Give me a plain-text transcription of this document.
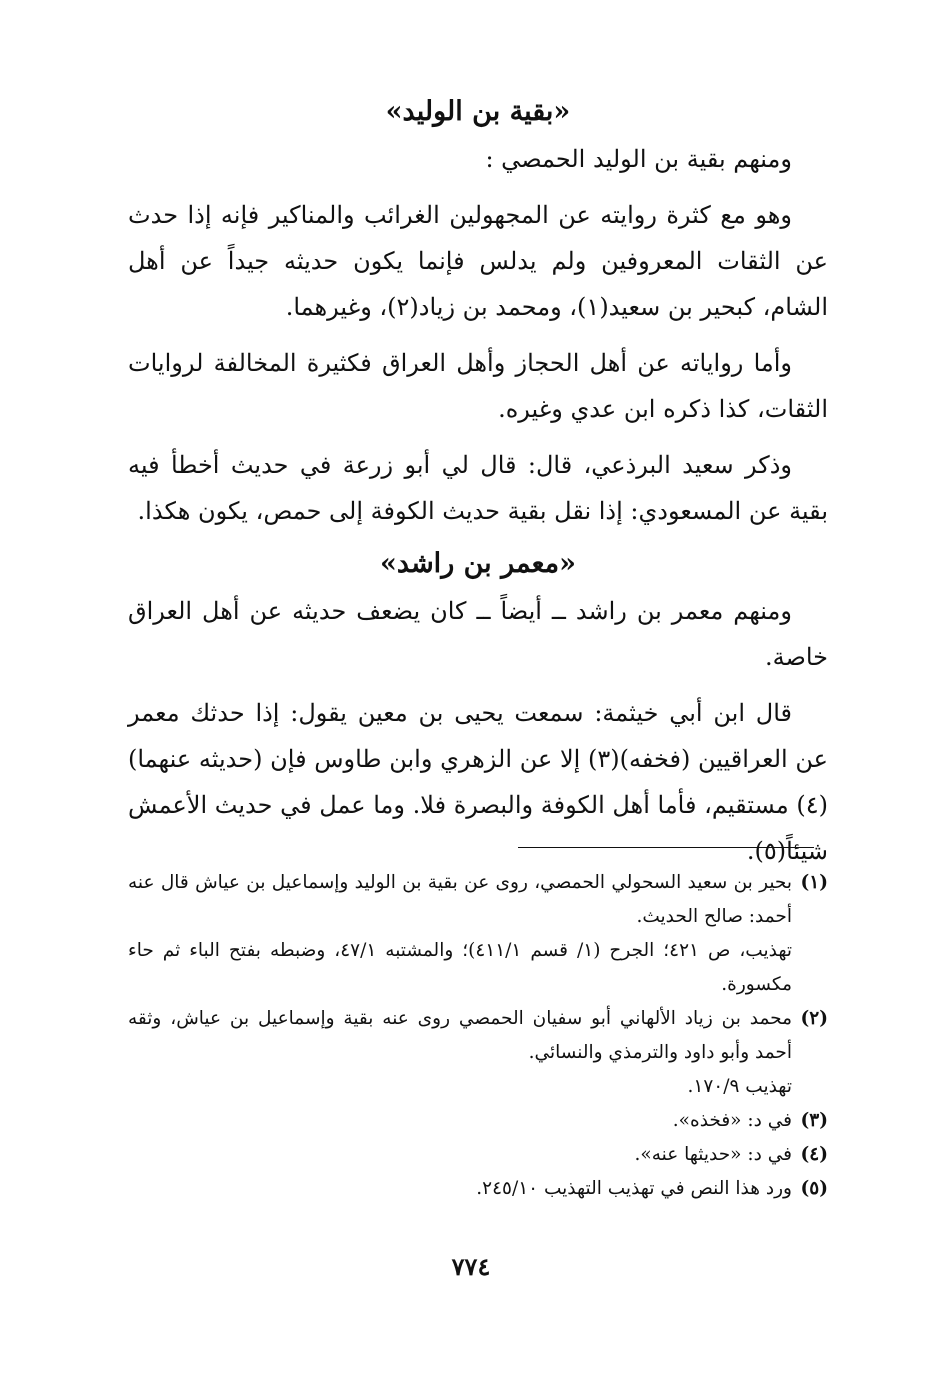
«بقية بن الوليد»

ومنهم بقية بن الوليد الحمصي :

وهو مع كثرة روايته عن المجهولين الغرائب والمناكير فإنه إذا حدث عن الثقات المعروفين ولم يدلس فإنما يكون حديثه جيداً عن أهل الشام، كبحير بن سعيد(١)، ومحمد بن زياد(٢)، وغيرهما.

وأما رواياته عن أهل الحجاز وأهل العراق فكثيرة المخالفة لروايات الثقات، كذا ذكره ابن عدي وغيره.

وذكر سعيد البرذعي، قال: قال لي أبو زرعة في حديث أخطأ فيه بقية عن المسعودي: إذا نقل بقية حديث الكوفة إلى حمص، يكون هكذا.

«معمر بن راشد»

ومنهم معمر بن راشد ــ أيضاً ــ كان يضعف حديثه عن أهل العراق خاصة.

قال ابن أبي خيثمة: سمعت يحيى بن معين يقول: إذا حدثك معمر عن العراقيين (فخفه)(٣) إلا عن الزهري وابن طاوس فإن (حديثه عنهما)(٤) مستقيم، فأما أهل الكوفة والبصرة فلا. وما عمل في حديث الأعمش شيئاً(٥).

(١)
بحير بن سعيد السحولي الحمصي، روى عن بقية بن الوليد وإسماعيل بن عياش قال عنه أحمد: صالح الحديث.
تهذيب، ص ٤٢١؛ الجرح (١/ قسم ٤١١/١)؛ والمشتبه ٤٧/١، وضبطه بفتح الباء ثم حاء مكسورة.
(٢)
محمد بن زياد الألهاني أبو سفيان الحمصي روى عنه بقية وإسماعيل بن عياش، وثقه أحمد وأبو داود والترمذي والنسائي.
تهذيب ١٧٠/٩.
(٣)
في د: «فخذه».
(٤)
في د: «حديثها عنه».
(٥)
ورد هذا النص في تهذيب التهذيب ٢٤٥/١٠.
٧٧٤
